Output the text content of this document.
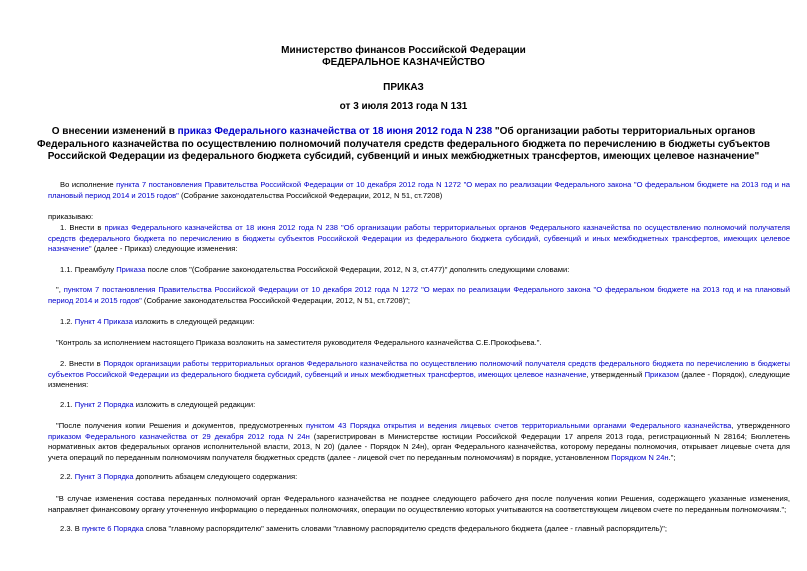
Министерство финансов Российской Федерации
ФЕДЕРАЛЬНОЕ КАЗНАЧЕЙСТВО
ПРИКАЗ
от 3 июля 2013 года N 131
О внесении изменений в приказ Федерального казначейства от 18 июня 2012 года N 238 "Об организации работы территориальных органов Федерального казначейства по осуществлению полномочий получателя средств федерального бюджета по перечислению в бюджеты субъектов Российской Федерации из федерального бюджета субсидий, субвенций и иных межбюджетных трансфертов, имеющих целевое назначение"
Во исполнение пункта 7 постановления Правительства Российской Федерации от 10 декабря 2012 года N 1272 "О мерах по реализации Федерального закона "О федеральном бюджете на 2013 год и на плановый период 2014 и 2015 годов" (Собрание законодательства Российской Федерации, 2012, N 51, ст.7208)
приказываю:
1. Внести в приказ Федерального казначейства от 18 июня 2012 года N 238 "Об организации работы территориальных органов Федерального казначейства по осуществлению полномочий получателя средств федерального бюджета по перечислению в бюджеты субъектов Российской Федерации из федерального бюджета субсидий, субвенций и иных межбюджетных трансфертов, имеющих целевое назначение" (далее - Приказ) следующие изменения:
1.1. Преамбулу Приказа после слов "(Собрание законодательства Российской Федерации, 2012, N 3, ст.477)" дополнить следующими словами:
", пунктом 7 постановления Правительства Российской Федерации от 10 декабря 2012 года N 1272 "О мерах по реализации Федерального закона "О федеральном бюджете на 2013 год и на плановый период 2014 и 2015 годов" (Собрание законодательства Российской Федерации, 2012, N 51, ст.7208)";
1.2. Пункт 4 Приказа изложить в следующей редакции:
"Контроль за исполнением настоящего Приказа возложить на заместителя руководителя Федерального казначейства С.Е.Прокофьева.".
2. Внести в Порядок организации работы территориальных органов Федерального казначейства по осуществлению полномочий получателя средств федерального бюджета по перечислению в бюджеты субъектов Российской Федерации из федерального бюджета субсидий, субвенций и иных межбюджетных трансфертов, имеющих целевое назначение, утвержденный Приказом (далее - Порядок), следующие изменения:
2.1. Пункт 2 Порядка изложить в следующей редакции:
"После получения копии Решения и документов, предусмотренных пунктом 43 Порядка открытия и ведения лицевых счетов территориальными органами Федерального казначейства, утвержденного приказом Федерального казначейства от 29 декабря 2012 года N 24н (зарегистрирован в Министерстве юстиции Российской Федерации 17 апреля 2013 года, регистрационный N 28164; Бюллетень нормативных актов федеральных органов исполнительной власти, 2013, N 20) (далее - Порядок N 24н), орган Федерального казначейства, которому переданы полномочия, открывает лицевые счета для учета операций по переданным полномочиям получателя бюджетных средств (далее - лицевой счет по переданным полномочиям) в порядке, установленном Порядком N 24н.";
2.2. Пункт 3 Порядка дополнить абзацем следующего содержания:
"В случае изменения состава переданных полномочий орган Федерального казначейства не позднее следующего рабочего дня после получения копии Решения, содержащего указанные изменения, направляет финансовому органу уточненную информацию о переданных полномочиях, операции по осуществлению которых учитываются на соответствующем лицевом счете по переданным полномочиям.";
2.3. В пункте 6 Порядка слова "главному распорядителю" заменить словами "главному распорядителю средств федерального бюджета (далее - главный распорядитель)";
